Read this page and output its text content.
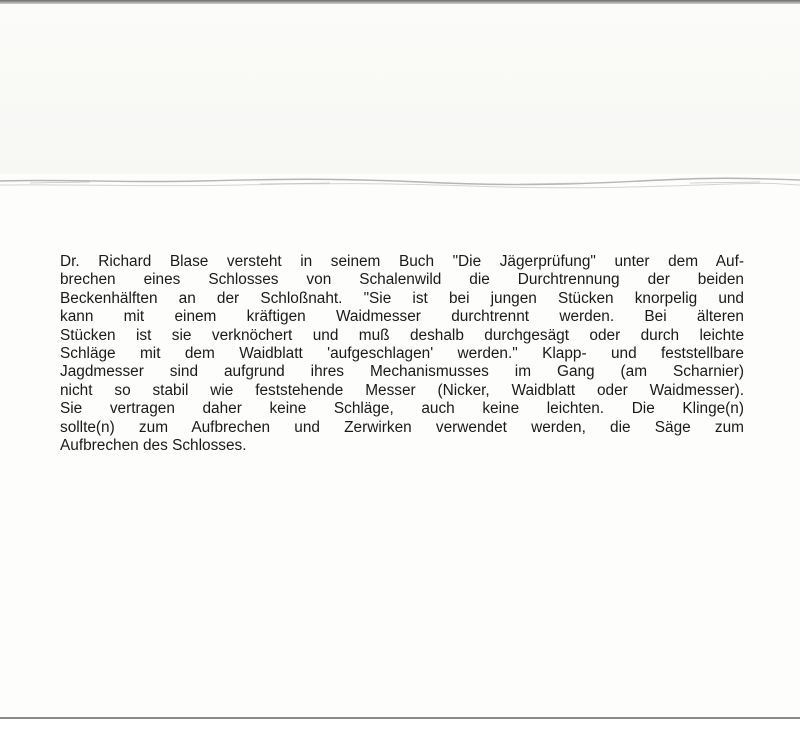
Dr. Richard Blase versteht in seinem Buch "Die Jägerprüfung" unter dem Auf-
brechen eines Schlosses von Schalenwild die Durchtrennung der beiden
Beckenhälften an der Schloßnaht. "Sie ist bei jungen Stücken knorpelig und
kann mit einem kräftigen Waidmesser durchtrennt werden. Bei älteren
Stücken ist sie verknöchert und muß deshalb durchgesägt oder durch leichte
Schläge mit dem Waidblatt 'aufgeschlagen' werden." Klapp- und feststellbare
Jagdmesser sind aufgrund ihres Mechanismusses im Gang (am Scharnier)
nicht so stabil wie feststehende Messer (Nicker, Waidblatt oder Waidmesser).
Sie vertragen daher keine Schläge, auch keine leichten. Die Klinge(n)
sollte(n) zum Aufbrechen und Zerwirken verwendet werden, die Säge zum
Aufbrechen des Schlosses.
